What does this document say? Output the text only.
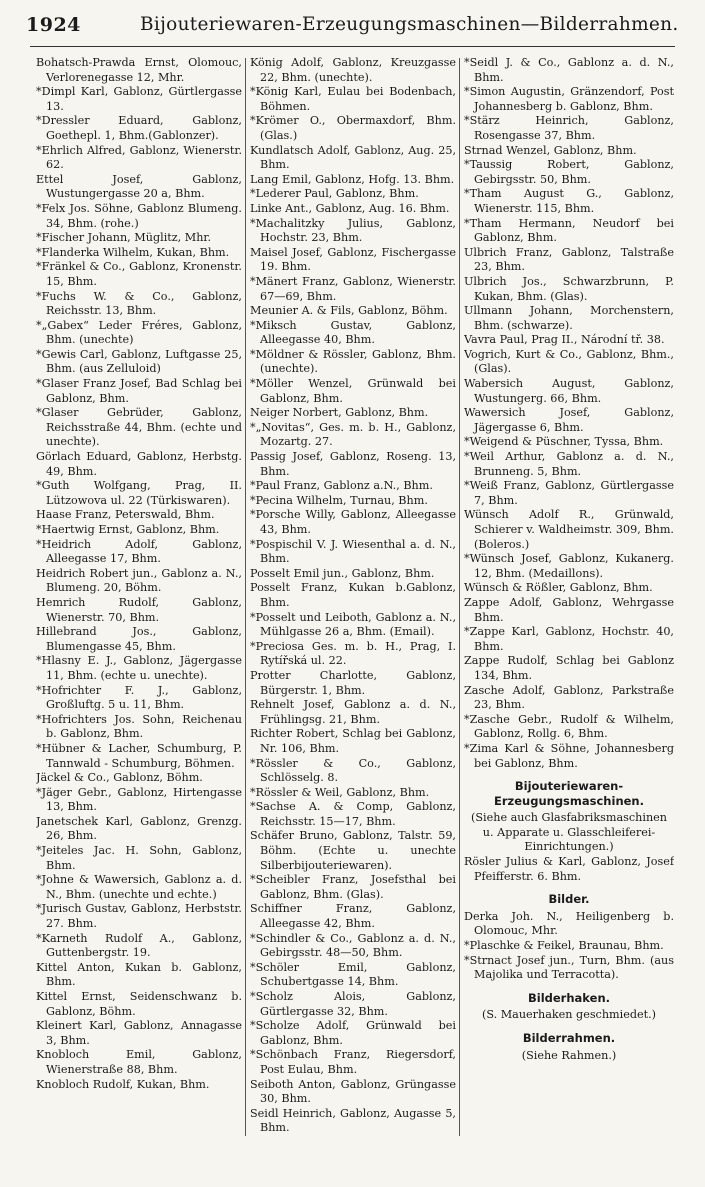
1924	Bijouteriewaren-Erzeugungsmaschinen—Bilderrahmen.

Bohatsch-Prawda Ernst, Olomouc, Verlorenegasse 12, Mhr.

*Dimpl Karl, Gablonz, Gürtlergasse 13.

*Dressler Eduard, Gablonz, Goethepl. 1, Bhm.(Gablonzer).

*Ehrlich Alfred, Gablonz, Wienerstr. 62.

Ettel Josef, Gablonz, Wustungergasse 20 a, Bhm.

*Felx Jos. Söhne, Gablonz Blumeng. 34, Bhm. (rohe.)

*Fischer Johann, Müglitz, Mhr.

*Flanderka Wilhelm, Kukan, Bhm.

*Fränkel & Co., Gablonz, Kronenstr. 15, Bhm.

*Fuchs W. & Co., Gablonz, Reichsstr. 13, Bhm.

*„Gabex“ Leder Fréres, Gablonz, Bhm. (unechte)

*Gewis Carl, Gablonz, Luftgasse 25, Bhm. (aus Zelluloid)

*Glaser Franz Josef, Bad Schlag bei Gablonz, Bhm.

*Glaser Gebrüder, Gablonz, Reichsstraße 44, Bhm. (echte und unechte).

Görlach Eduard, Gablonz, Herbstg. 49, Bhm.

*Guth Wolfgang, Prag, II. Lützowova ul. 22 (Türkiswaren).

Haase Franz, Peterswald, Bhm.

*Haertwig Ernst, Gablonz, Bhm.

*Heidrich Adolf, Gablonz, Alleegasse 17, Bhm.

Heidrich Robert jun., Gablonz a. N., Blumeng. 20, Böhm.

Hemrich Rudolf, Gablonz, Wienerstr. 70, Bhm.

Hillebrand Jos., Gablonz, Blumengasse 45, Bhm.

*Hlasny E. J., Gablonz, Jägergasse 11, Bhm. (echte u. unechte).

*Hofrichter F. J., Gablonz, Großluftg. 5 u. 11, Bhm.

*Hofrichters Jos. Sohn, Reichenau b. Gablonz, Bhm.

*Hübner & Lacher, Schumburg, P. Tannwald - Schumburg, Böhmen.

Jäckel & Co., Gablonz, Böhm.

*Jäger Gebr., Gablonz, Hirtengasse 13, Bhm.

Janetschek Karl, Gablonz, Grenzg. 26, Bhm.

*Jeiteles Jac. H. Sohn, Gablonz, Bhm.

*Johne & Wawersich, Gablonz a. d. N., Bhm. (unechte und echte.)

*Jurisch Gustav, Gablonz, Herbststr. 27. Bhm.

*Karneth Rudolf A., Gablonz, Guttenbergstr. 19.

Kittel Anton, Kukan b. Gablonz, Bhm.

Kittel Ernst, Seidenschwanz b. Gablonz, Böhm.

Kleinert Karl, Gablonz, Annagasse 3, Bhm.

Knobloch Emil, Gablonz, Wienerstraße 88, Bhm.

Knobloch Rudolf, Kukan, Bhm.

König Adolf, Gablonz, Kreuzgasse 22, Bhm. (unechte).

*König Karl, Eulau bei Bodenbach, Böhmen.

*Krömer O., Obermaxdorf, Bhm. (Glas.)

Kundlatsch Adolf, Gablonz, Aug. 25, Bhm.

Lang Emil, Gablonz, Hofg. 13. Bhm.

*Lederer Paul, Gablonz, Bhm.

Linke Ant., Gablonz, Aug. 16. Bhm.

*Machalitzky Julius, Gablonz, Hochstr. 23, Bhm.

Maisel Josef, Gablonz, Fischergasse 19. Bhm.

*Mänert Franz, Gablonz, Wienerstr. 67—69, Bhm.

Meunier A. & Fils, Gablonz, Böhm.

*Miksch Gustav, Gablonz, Alleegasse 40, Bhm.

*Möldner & Rössler, Gablonz, Bhm. (unechte).

*Möller Wenzel, Grünwald bei Gablonz, Bhm.

Neiger Norbert, Gablonz, Bhm.

*„Novitas“, Ges. m. b. H., Gablonz, Mozartg. 27.

Passig Josef, Gablonz, Roseng. 13, Bhm.

*Paul Franz, Gablonz a.N., Bhm.

*Pecina Wilhelm, Turnau, Bhm.

*Porsche Willy, Gablonz, Alleegasse 43, Bhm.

*Pospischil V. J. Wiesenthal a. d. N., Bhm.

Posselt Emil jun., Gablonz, Bhm.

Posselt Franz, Kukan b.Gablonz, Bhm.

*Posselt und Leiboth, Gablonz a. N., Mühlgasse 26 a, Bhm. (Email).

*Preciosa Ges. m. b. H., Prag, I. Rytířská ul. 22.

Protter Charlotte, Gablonz, Bürgerstr. 1, Bhm.

Rehnelt Josef, Gablonz a. d. N., Frühlingsg. 21, Bhm.

Richter Robert, Schlag bei Gablonz, Nr. 106, Bhm.

*Rössler & Co., Gablonz, Schlösselg. 8.

*Rössler & Weil, Gablonz, Bhm.

*Sachse A. & Comp, Gablonz, Reichsstr. 15—17, Bhm.

Schäfer Bruno, Gablonz, Talstr. 59, Böhm. (Echte u. unechte Silberbijouteriewaren).

*Scheibler Franz, Josefsthal bei Gablonz, Bhm. (Glas).

Schiffner Franz, Gablonz, Alleegasse 42, Bhm.

*Schindler & Co., Gablonz a. d. N., Gebirgsstr. 48—50, Bhm.

*Schöler Emil, Gablonz, Schubertgasse 14, Bhm.

*Scholz Alois, Gablonz, Gürtlergasse 32, Bhm.

*Scholze Adolf, Grünwald bei Gablonz, Bhm.

*Schönbach Franz, Riegersdorf, Post Eulau, Bhm.

Seiboth Anton, Gablonz, Grüngasse 30, Bhm.

Seidl Heinrich, Gablonz, Augasse 5, Bhm.

*Seidl J. & Co., Gablonz a. d. N., Bhm.

*Simon Augustin, Gränzendorf, Post Johannesberg b. Gablonz, Bhm.

*Stärz Heinrich, Gablonz, Rosengasse 37, Bhm.

Strnad Wenzel, Gablonz, Bhm.

*Taussig Robert, Gablonz, Gebirgsstr. 50, Bhm.

*Tham August G., Gablonz, Wienerstr. 115, Bhm.

*Tham Hermann, Neudorf bei Gablonz, Bhm.

Ulbrich Franz, Gablonz, Talstraße 23, Bhm.

Ulbrich Jos., Schwarzbrunn, P. Kukan, Bhm. (Glas).

Ullmann Johann, Morchenstern, Bhm. (schwarze).

Vavra Paul, Prag II., Národní tř. 38.

Vogrich, Kurt & Co., Gablonz, Bhm., (Glas).

Wabersich August, Gablonz, Wustungerg. 66, Bhm.

Wawersich Josef, Gablonz, Jägergasse 6, Bhm.

*Weigend & Püschner, Tyssa, Bhm.

*Weil Arthur, Gablonz a. d. N., Brunneng. 5, Bhm.

*Weiß Franz, Gablonz, Gürtlergasse 7, Bhm.

Wünsch Adolf R., Grünwald, Schierer v. Waldheimstr. 309, Bhm. (Boleros.)

*Wünsch Josef, Gablonz, Kukanerg. 12, Bhm. (Medaillons).

Wünsch & Rößler, Gablonz, Bhm.

Zappe Adolf, Gablonz, Wehrgasse Bhm.

*Zappe Karl, Gablonz, Hochstr. 40, Bhm.

Zappe Rudolf, Schlag bei Gablonz 134, Bhm.

Zasche Adolf, Gablonz, Parkstraße 23, Bhm.

*Zasche Gebr., Rudolf & Wilhelm, Gablonz, Rollg. 6, Bhm.

*Zima Karl & Söhne, Johannesberg bei Gablonz, Bhm.

Bijouteriewaren-Erzeugungsmaschinen.

(Siehe auch Glasfabriksmaschinen u. Apparate u. Glasschleiferei-Einrichtungen.)

Rösler Julius & Karl, Gablonz, Josef Pfeifferstr. 6. Bhm.

Bilder.

Derka Joh. N., Heiligenberg b. Olomouc, Mhr.

*Plaschke & Feikel, Braunau, Bhm.

*Strnact Josef jun., Turn, Bhm. (aus Majolika und Terracotta).

Bilderhaken.

(S. Mauerhaken geschmiedet.)

Bilderrahmen.

(Siehe Rahmen.)
